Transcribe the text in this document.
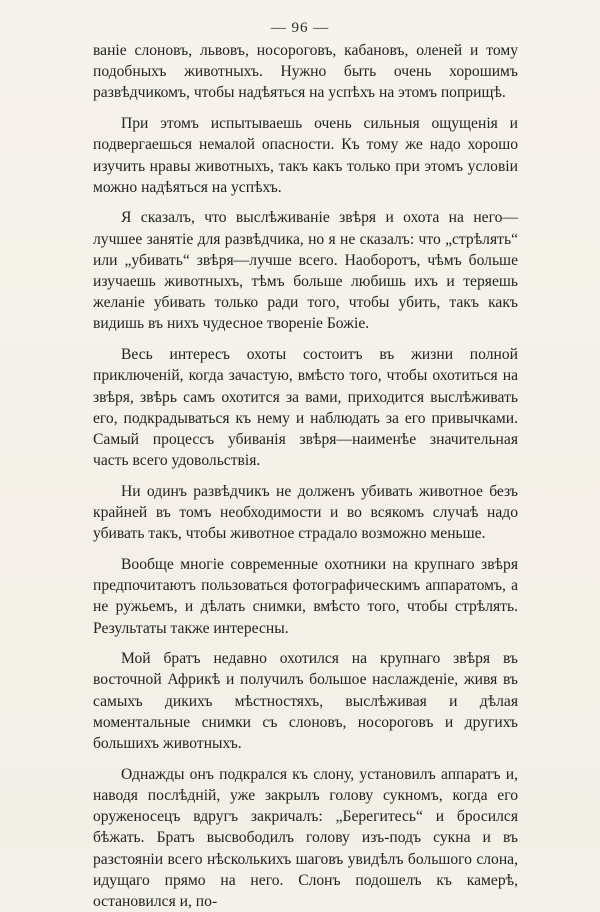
— 96 —

ваніе слоновъ, львовъ, носороговъ, кабановъ, оленей и тому подобныхъ животныхъ. Нужно быть очень хорошимъ развѣдчикомъ, чтобы надѣяться на успѣхъ на этомъ поприщѣ.

При этомъ испытываешь очень сильныя ощущенія и подвергаешься немалой опасности. Къ тому же надо хорошо изучить нравы животныхъ, такъ какъ только при этомъ условіи можно надѣяться на успѣхъ.

Я сказалъ, что выслѣживаніе звѣря и охота на него—лучшее занятіе для развѣдчика, но я не сказалъ: что „стрѣлять“ или „убивать“ звѣря—лучше всего. Наоборотъ, чѣмъ больше изучаешь животныхъ, тѣмъ больше любишь ихъ и теряешь желаніе убивать только ради того, чтобы убить, такъ какъ видишь въ нихъ чудесное твореніе Божіе.

Весь интересъ охоты состоитъ въ жизни полной приключеній, когда зачастую, вмѣсто того, чтобы охотиться на звѣря, звѣрь самъ охотится за вами, приходится выслѣживать его, подкрадываться къ нему и наблюдать за его привычками. Самый процессъ убиванія звѣря—наименѣе значительная часть всего удовольствія.

Ни одинъ развѣдчикъ не долженъ убивать животное безъ крайней въ томъ необходимости и во всякомъ случаѣ надо убивать такъ, чтобы животное страдало возможно меньше.

Вообще многіе современные охотники на крупнаго звѣря предпочитаютъ пользоваться фотографическимъ аппаратомъ, а не ружьемъ, и дѣлать снимки, вмѣсто того, чтобы стрѣлять. Результаты также интересны.

Мой братъ недавно охотился на крупнаго звѣря въ восточной Африкѣ и получилъ большое наслажденіе, живя въ самыхъ дикихъ мѣстностяхъ, выслѣживая и дѣлая моментальные снимки съ слоновъ, носороговъ и другихъ большихъ животныхъ.

Однажды онъ подкрался къ слону, установилъ аппаратъ и, наводя послѣдній, уже закрылъ голову сукномъ, когда его оруженосецъ вдругъ закричалъ: „Берегитесь“ и бросился бѣжать. Братъ высвободилъ голову изъ-подъ сукна и въ разстояніи всего нѣсколькихъ шаговъ увидѣлъ большого слона, идущаго прямо на него. Слонъ подошелъ къ камерѣ, остановился и, по-
